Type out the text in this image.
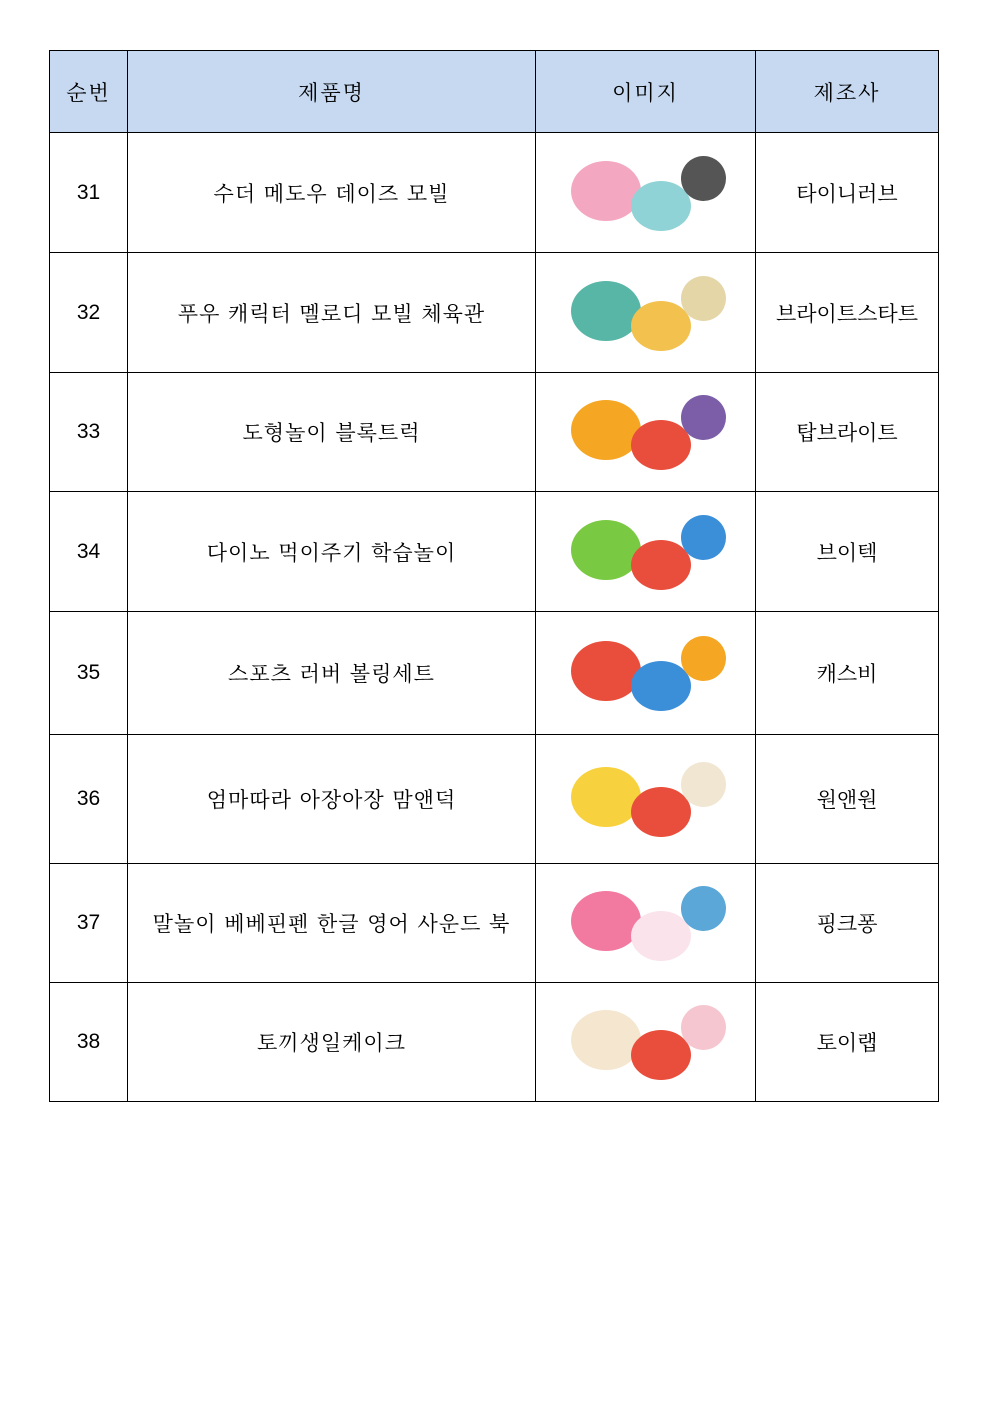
순번	제품명	이미지	제조사
31	수더 메도우 데이즈 모빌		타이니러브
32	푸우 캐릭터 멜로디 모빌 체육관		브라이트스타트
33	도형놀이 블록트럭		탑브라이트
34	다이노 먹이주기 학습놀이		브이텍
35	스포츠 러버 볼링세트		캐스비
36	엄마따라 아장아장 맘앤덕		원앤원
37	말놀이 베베핀펜 한글 영어 사운드 북		핑크퐁
38	토끼생일케이크		토이랩
